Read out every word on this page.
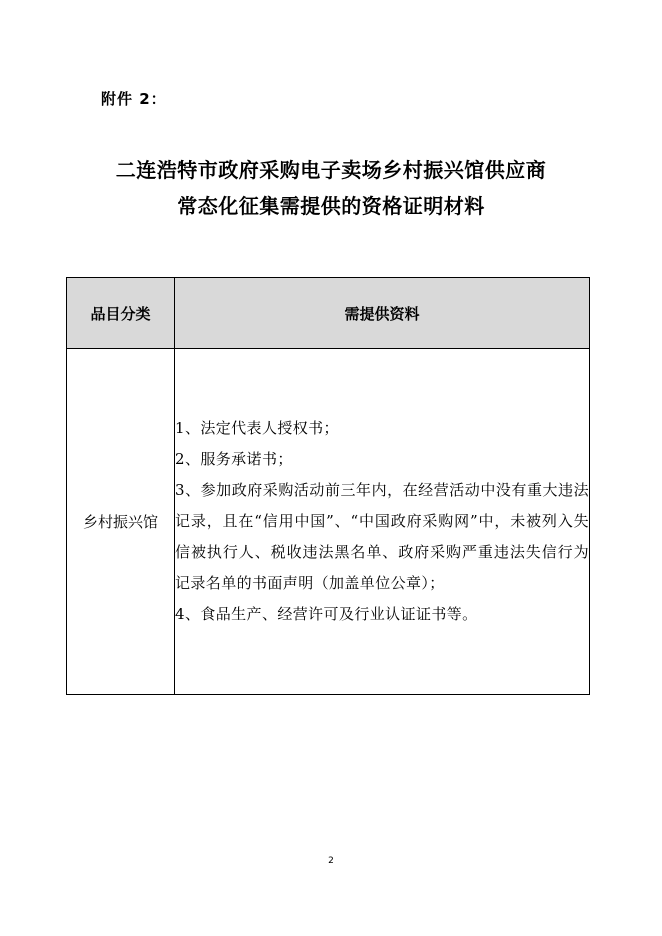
附件 2：
二连浩特市政府采购电子卖场乡村振兴馆供应商
常态化征集需提供的资格证明材料
品目分类	需提供资料
乡村振兴馆	1、法定代表人授权书；
2、服务承诺书；
3、参加政府采购活动前三年内，在经营活动中没有重大违法记录，且在“信用中国”、“中国政府采购网”中，未被列入失信被执行人、税收违法黑名单、政府采购严重违法失信行为记录名单的书面声明（加盖单位公章）；
4、食品生产、经营许可及行业认证证书等。
2
